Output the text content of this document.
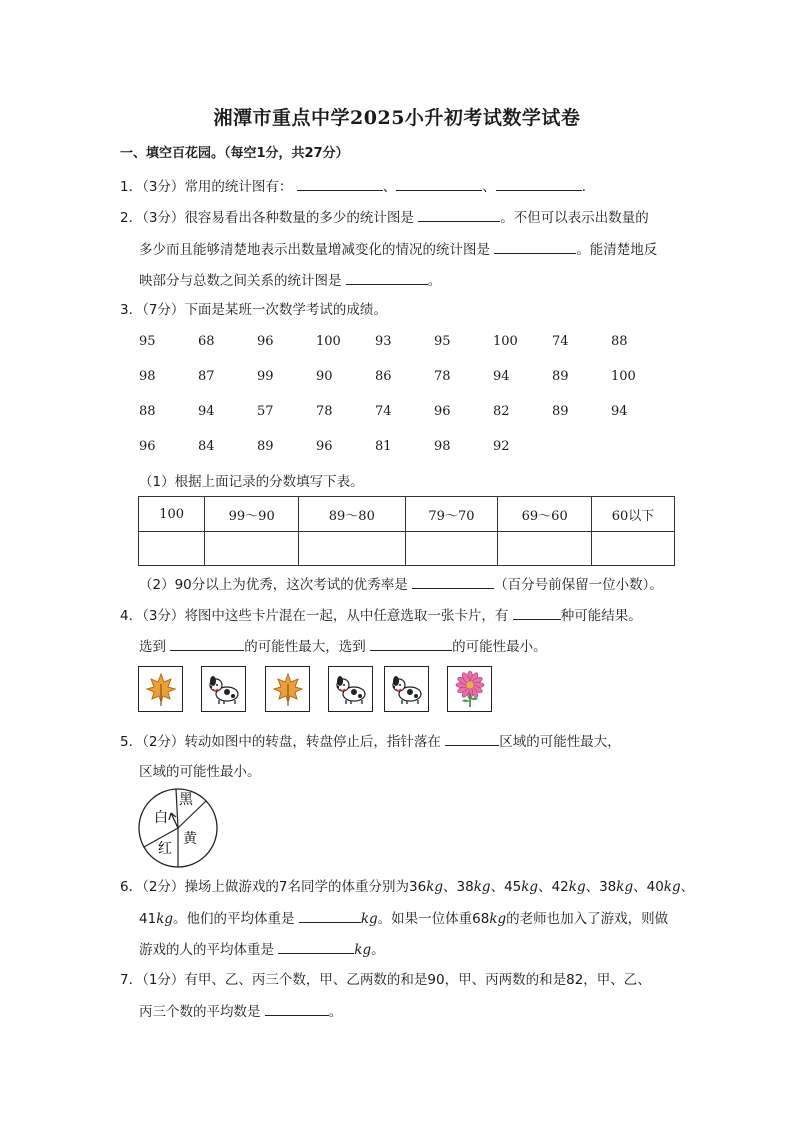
湘潭市重点中学2025小升初考试数学试卷
一、填空百花园。（每空1分，共27分）
1．（3分）常用的统计图有：	、	、	．
2．（3分）很容易看出各种数量的多少的统计图是	。不但可以表示出数量的
多少而且能够清楚地表示出数量增减变化的情况的统计图是	。能清楚地反
映部分与总数之间关系的统计图是	。
3．（7分）下面是某班一次数学考试的成绩。
95	68	96	100	93	95	100	74	88
98	87	99	90	86	78	94	89	100
88	94	57	78	74	96	82	89	94
96	84	89	96	81	98	92
（1）根据上面记录的分数填写下表。
100	99～90	89～80	79～70	69～60	60以下

（2）90分以上为优秀，这次考试的优秀率是	（百分号前保留一位小数）。
4．（3分）将图中这些卡片混在一起，从中任意选取一张卡片，有	种可能结果。
选到	的可能性最大，选到	的可能性最小。
5．（2分）转动如图中的转盘，转盘停止后，指针落在	区域的可能性最大，
区域的可能性最小。
黑
白
黄
红
6．（2分）操场上做游戏的7名同学的体重分别为36kg、38kg、45kg、42kg、38kg、40kg、
41kg。他们的平均体重是	kg。如果一位体重68kg的老师也加入了游戏，则做
游戏的人的平均体重是	kg。
7．（1分）有甲、乙、丙三个数，甲、乙两数的和是90，甲、丙两数的和是82，甲、乙、
丙三个数的平均数是	。
